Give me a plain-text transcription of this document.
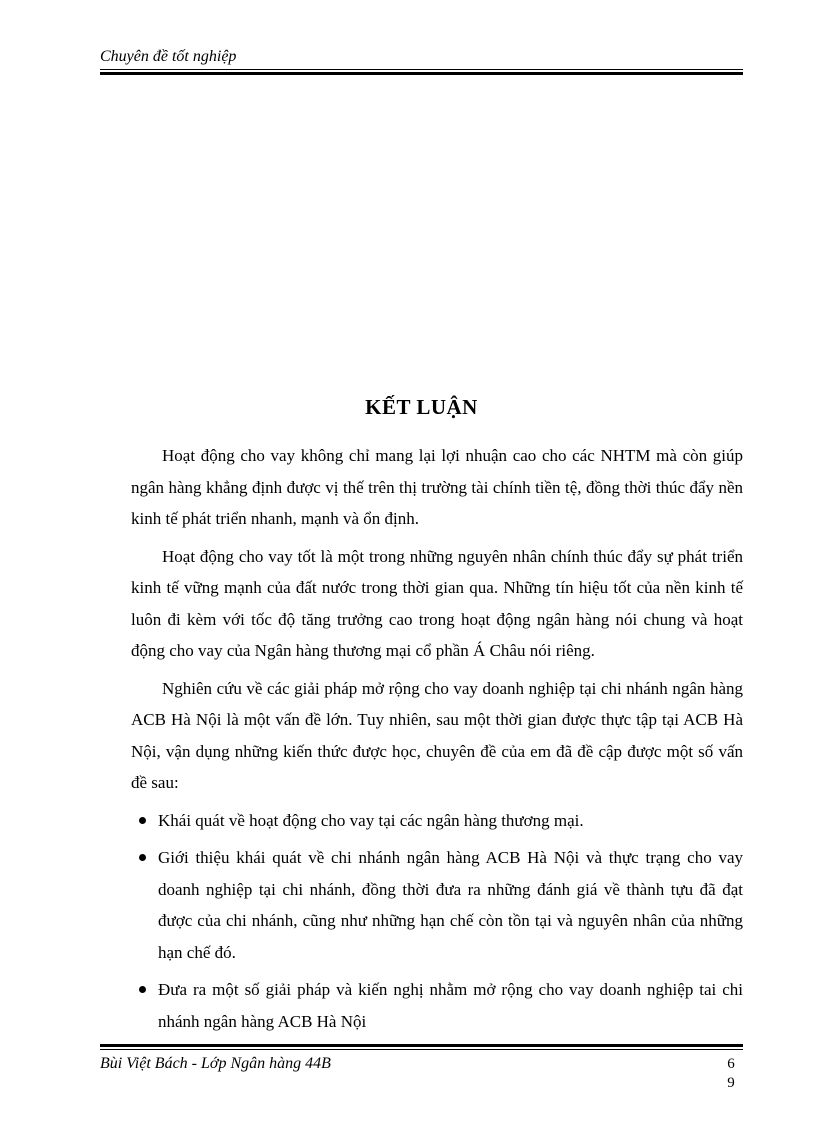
Chuyên đề tốt nghiệp
KẾT LUẬN
Hoạt động cho vay không chỉ mang lại lợi nhuận cao cho các NHTM mà còn giúp ngân hàng khẳng định được vị thế trên thị trường tài chính tiền tệ, đồng thời thúc đẩy nền kinh tế phát triển nhanh, mạnh và ổn định.
Hoạt động cho vay tốt là một trong những nguyên nhân chính thúc đẩy sự phát triển kinh tế vững mạnh của đất nước trong thời gian qua. Những tín hiệu tốt của nền kinh tế luôn đi kèm với tốc độ tăng trưởng cao trong hoạt động ngân hàng nói chung và hoạt động cho vay của Ngân hàng thương mại cổ phần Á Châu nói riêng.
Nghiên cứu về các giải pháp mở rộng cho vay doanh nghiệp tại chi nhánh ngân hàng ACB Hà Nội là một vấn đề lớn. Tuy nhiên, sau một thời gian được thực tập tại ACB Hà Nội, vận dụng những kiến thức được học, chuyên đề của em đã đề cập được một số vấn đề sau:
Khái quát về hoạt động cho vay tại các ngân hàng thương mại.
Giới thiệu khái quát về chi nhánh ngân hàng ACB Hà Nội và thực trạng cho vay doanh nghiệp tại chi nhánh, đồng thời đưa ra những đánh giá về thành tựu đã đạt được của chi nhánh, cũng như những hạn chế còn tồn tại và nguyên nhân của những hạn chế đó.
Đưa ra một số giải pháp và kiến nghị nhằm mở rộng cho vay doanh nghiệp tai chi nhánh ngân hàng ACB Hà Nội
Bùi Việt Bách - Lớp Ngân hàng 44B	6
9
